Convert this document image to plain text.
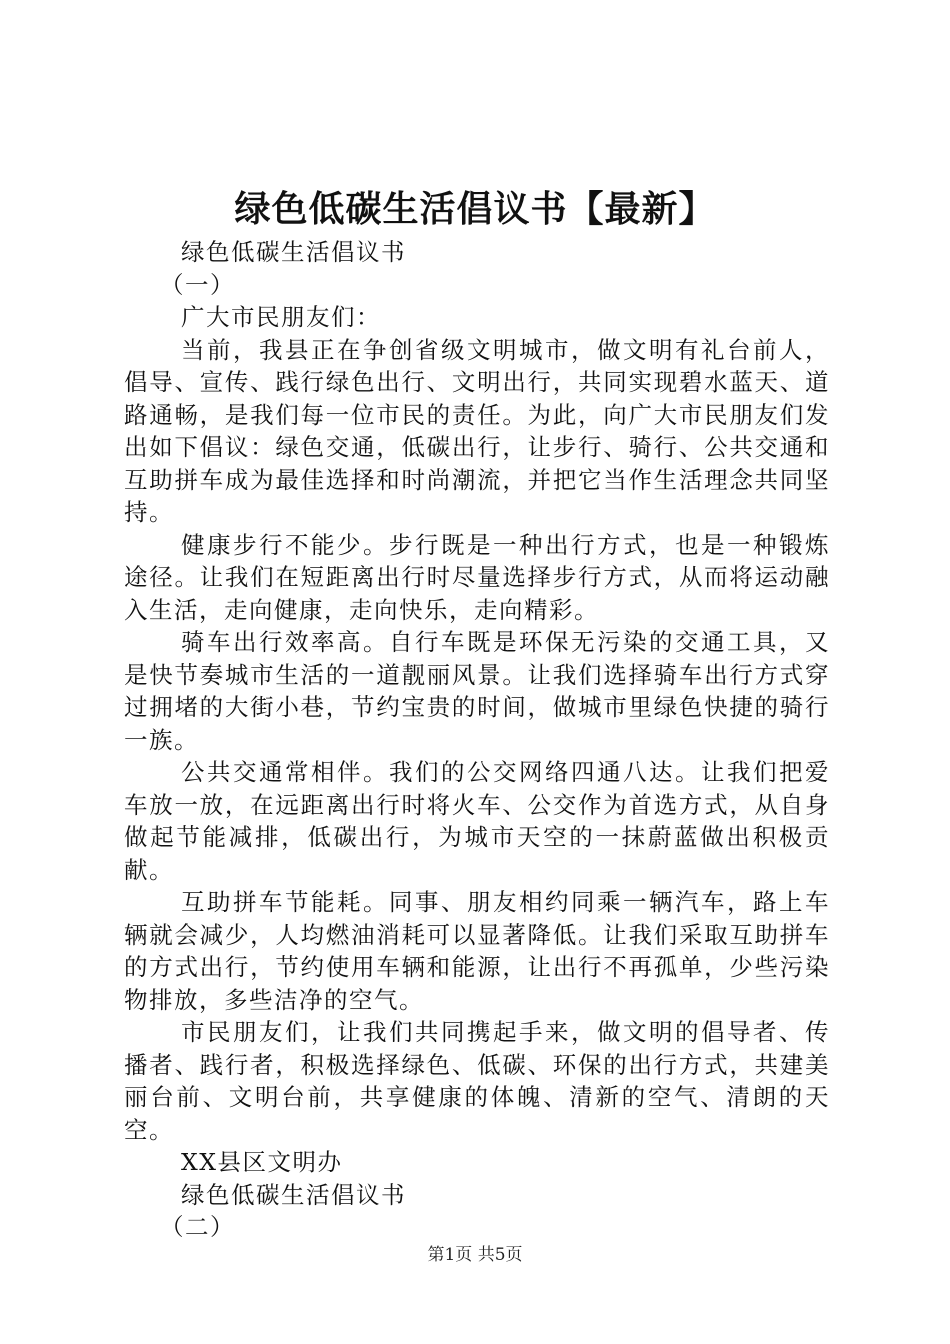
绿色低碳生活倡议书【最新】

绿色低碳生活倡议书

（一）

广大市民朋友们：

当前，我县正在争创省级文明城市，做文明有礼台前人，倡导、宣传、践行绿色出行、文明出行，共同实现碧水蓝天、道路通畅，是我们每一位市民的责任。为此，向广大市民朋友们发出如下倡议：绿色交通，低碳出行，让步行、骑行、公共交通和互助拼车成为最佳选择和时尚潮流，并把它当作生活理念共同坚持。

健康步行不能少。步行既是一种出行方式，也是一种锻炼途径。让我们在短距离出行时尽量选择步行方式，从而将运动融入生活，走向健康，走向快乐，走向精彩。

骑车出行效率高。自行车既是环保无污染的交通工具，又是快节奏城市生活的一道靓丽风景。让我们选择骑车出行方式穿过拥堵的大街小巷，节约宝贵的时间，做城市里绿色快捷的骑行一族。

公共交通常相伴。我们的公交网络四通八达。让我们把爱车放一放，在远距离出行时将火车、公交作为首选方式，从自身做起节能减排，低碳出行，为城市天空的一抹蔚蓝做出积极贡献。

互助拼车节能耗。同事、朋友相约同乘一辆汽车，路上车辆就会减少，人均燃油消耗可以显著降低。让我们采取互助拼车的方式出行，节约使用车辆和能源，让出行不再孤单，少些污染物排放，多些洁净的空气。

市民朋友们，让我们共同携起手来，做文明的倡导者、传播者、践行者，积极选择绿色、低碳、环保的出行方式，共建美丽台前、文明台前，共享健康的体魄、清新的空气、清朗的天空。

XX县区文明办

绿色低碳生活倡议书

（二）

第1页 共5页
